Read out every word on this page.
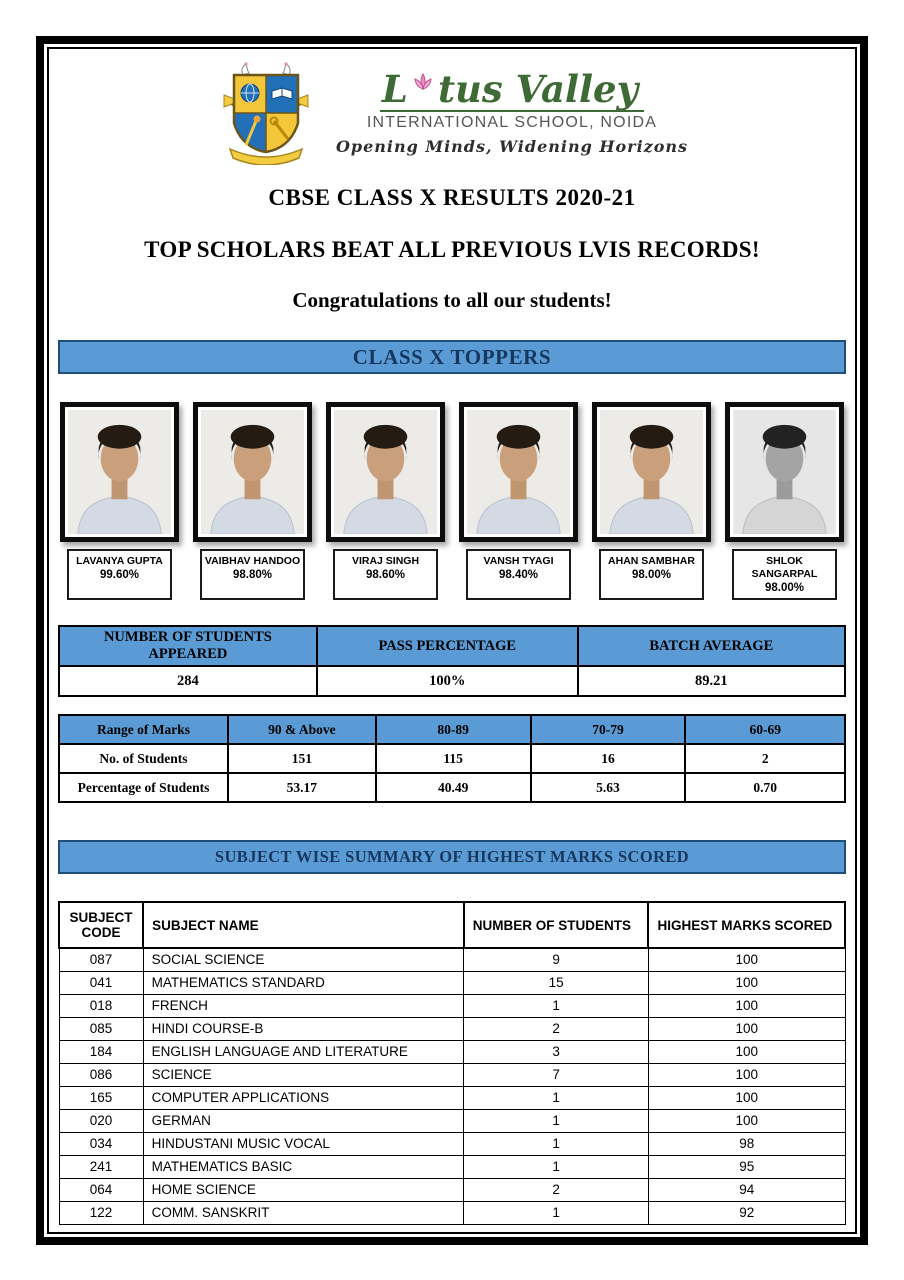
L tus Valley
INTERNATIONAL SCHOOL, NOIDA
Opening Minds, Widening Horizons
CBSE CLASS X RESULTS 2020-21
TOP SCHOLARS BEAT ALL PREVIOUS LVIS RECORDS!
Congratulations to all our students!
CLASS X TOPPERS
LAVANYA GUPTA
99.60%
VAIBHAV HANDOO
98.80%
VIRAJ SINGH
98.60%
VANSH TYAGI
98.40%
AHAN SAMBHAR
98.00%
SHLOK SANGARPAL
98.00%
NUMBER OF STUDENTS APPEARED	PASS PERCENTAGE	BATCH AVERAGE
284	100%	89.21
Range of Marks	90 & Above	80-89	70-79	60-69
No. of Students	151	115	16	2
Percentage of Students	53.17	40.49	5.63	0.70
SUBJECT WISE SUMMARY OF HIGHEST MARKS SCORED
SUBJECT CODE	SUBJECT NAME	NUMBER OF STUDENTS	HIGHEST MARKS SCORED
087	SOCIAL SCIENCE	9	100
041	MATHEMATICS STANDARD	15	100
018	FRENCH	1	100
085	HINDI COURSE-B	2	100
184	ENGLISH LANGUAGE AND LITERATURE	3	100
086	SCIENCE	7	100
165	COMPUTER APPLICATIONS	1	100
020	GERMAN	1	100
034	HINDUSTANI MUSIC VOCAL	1	98
241	MATHEMATICS BASIC	1	95
064	HOME SCIENCE	2	94
122	COMM. SANSKRIT	1	92
